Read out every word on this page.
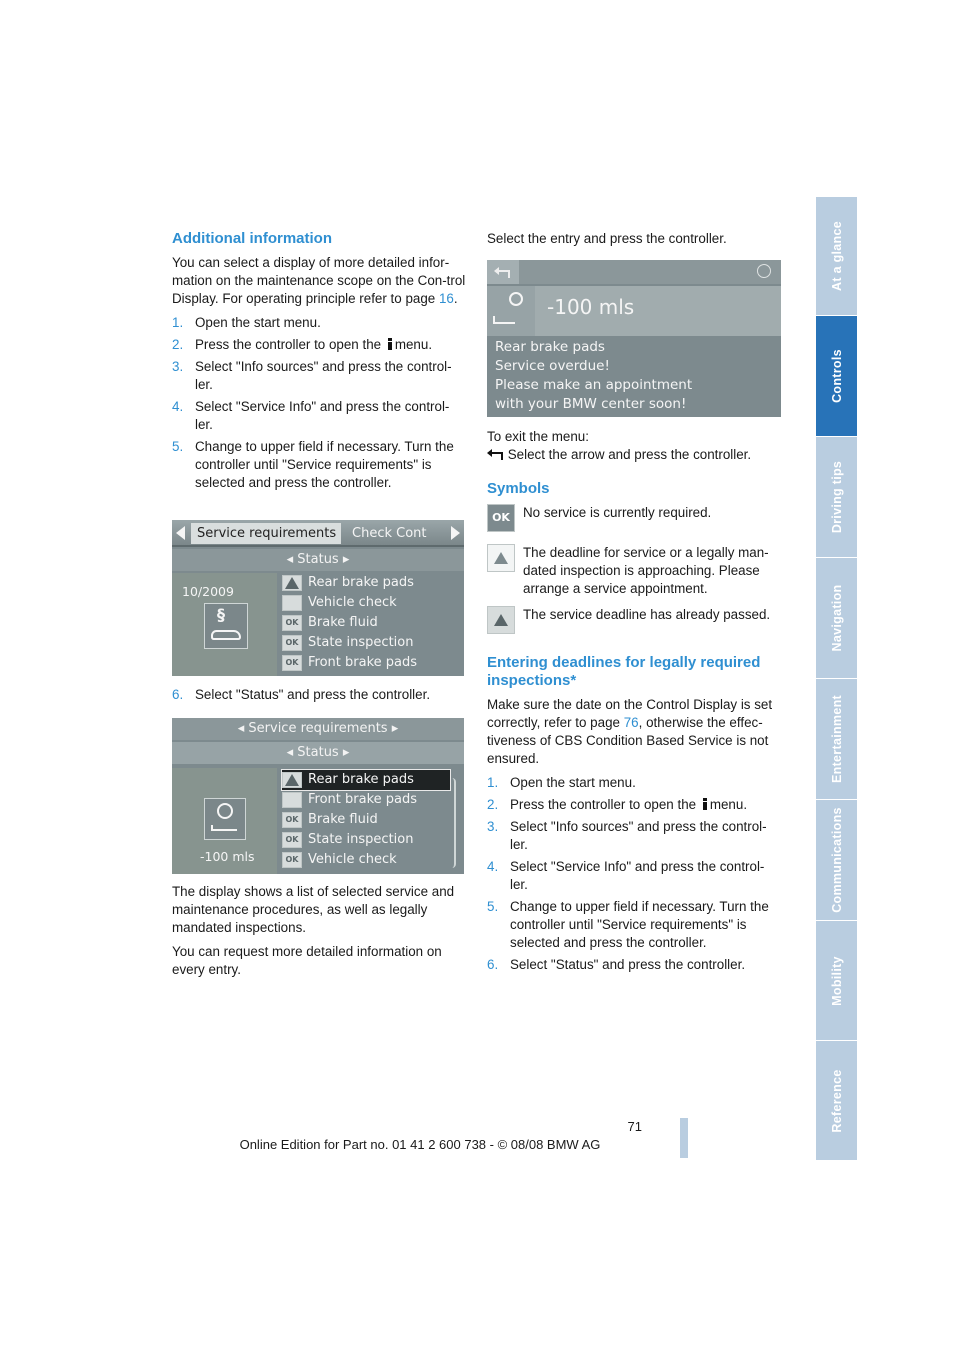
Additional information

You can select a display of more detailed infor-mation on the maintenance scope on the Con-trol Display. For operating principle refer to page 16.

1. Open the start menu.
2. Press the controller to open the menu.
3. Select "Info sources" and press the control-ler.
4. Select "Service Info" and press the control-ler.
5. Change to upper field if necessary. Turn the controller until "Service requirements" is selected and press the controller.
Service requirements	Check Cont
◂ Status ▸
10/2009
§
Rear brake pads
Vehicle check
OK Brake fluid
OK State inspection
OK Front brake pads
6. Select "Status" and press the controller.
◂ Service requirements ▸
◂ Status ▸
-100 mls
Rear brake pads
Front brake pads
OK Brake fluid
OK State inspection
OK Vehicle check

The display shows a list of selected service and maintenance procedures, as well as legally mandated inspections.

You can request more detailed information on every entry.

Select the entry and press the controller.

-100 mls
Rear brake pads
Service overdue!
Please make an appointment
with your BMW center soon!

To exit the menu:

Select the arrow and press the controller.

Symbols
OK No service is currently required.

The deadline for service or a legally man-dated inspection is approaching. Please arrange a service appointment.

The service deadline has already passed.

Entering deadlines for legally required inspections*

Make sure the date on the Control Display is set correctly, refer to page 76, otherwise the effec-tiveness of CBS Condition Based Service is not ensured.

1. Open the start menu.
2. Press the controller to open the menu.
3. Select "Info sources" and press the control-ler.
4. Select "Service Info" and press the control-ler.
5. Change to upper field if necessary. Turn the controller until "Service requirements" is selected and press the controller.
6. Select "Status" and press the controller.
At a glance
Controls
Driving tips
Navigation
Entertainment
Communications
Mobility
Reference
71
Online Edition for Part no. 01 41 2 600 738 - © 08/08 BMW AG
